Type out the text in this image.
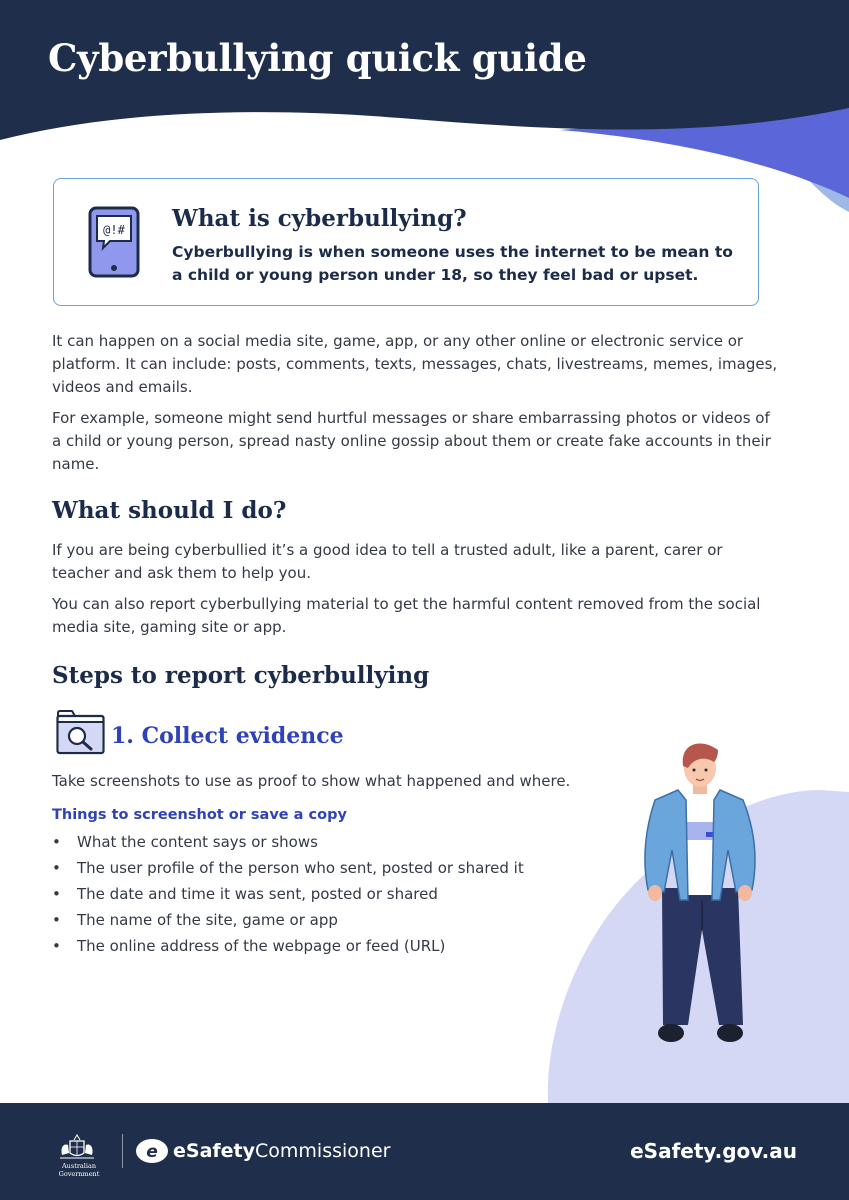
Cyberbullying quick guide
@!# What is cyberbullying?

Cyberbullying is when someone uses the internet to be mean to a child or young person under 18, so they feel bad or upset.

It can happen on a social media site, game, app, or any other online or electronic service or platform. It can include: posts, comments, texts, messages, chats, livestreams, memes, images, videos and emails.

For example, someone might send hurtful messages or share embarrassing photos or videos of a child or young person, spread nasty online gossip about them or create fake accounts in their name.

What should I do?

If you are being cyberbullied it’s a good idea to tell a trusted adult, like a parent, carer or teacher and ask them to help you.

You can also report cyberbullying material to get the harmful content removed from the social media site, gaming site or app.

Steps to report cyberbullying
1. Collect evidence

Take screenshots to use as proof to show what happened and where.

Things to screenshot or save a copy

• What the content says or shows
• The user profile of the person who sent, posted or shared it
• The date and time it was sent, posted or shared
• The name of the site, game or app
• The online address of the webpage or feed (URL)
Australian Government
e eSafetyCommissioner	eSafety.gov.au
